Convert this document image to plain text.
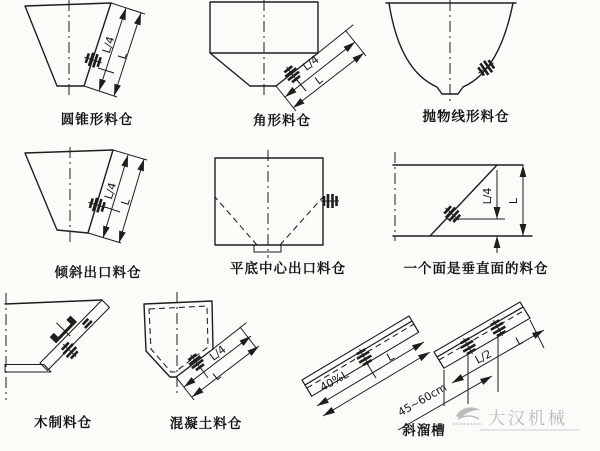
L/4
L
圆锥形料仓
L/4
L
角形料仓	抛物线形料仓
L/4
L
倾斜出口料仓	平底中心出口料仓
L/4 L
一个面是垂直面的料仓
木制料仓
L/4
L
混凝土料仓
40%L
L	L/2
L
45~60cm
斜溜槽
大汉机械
